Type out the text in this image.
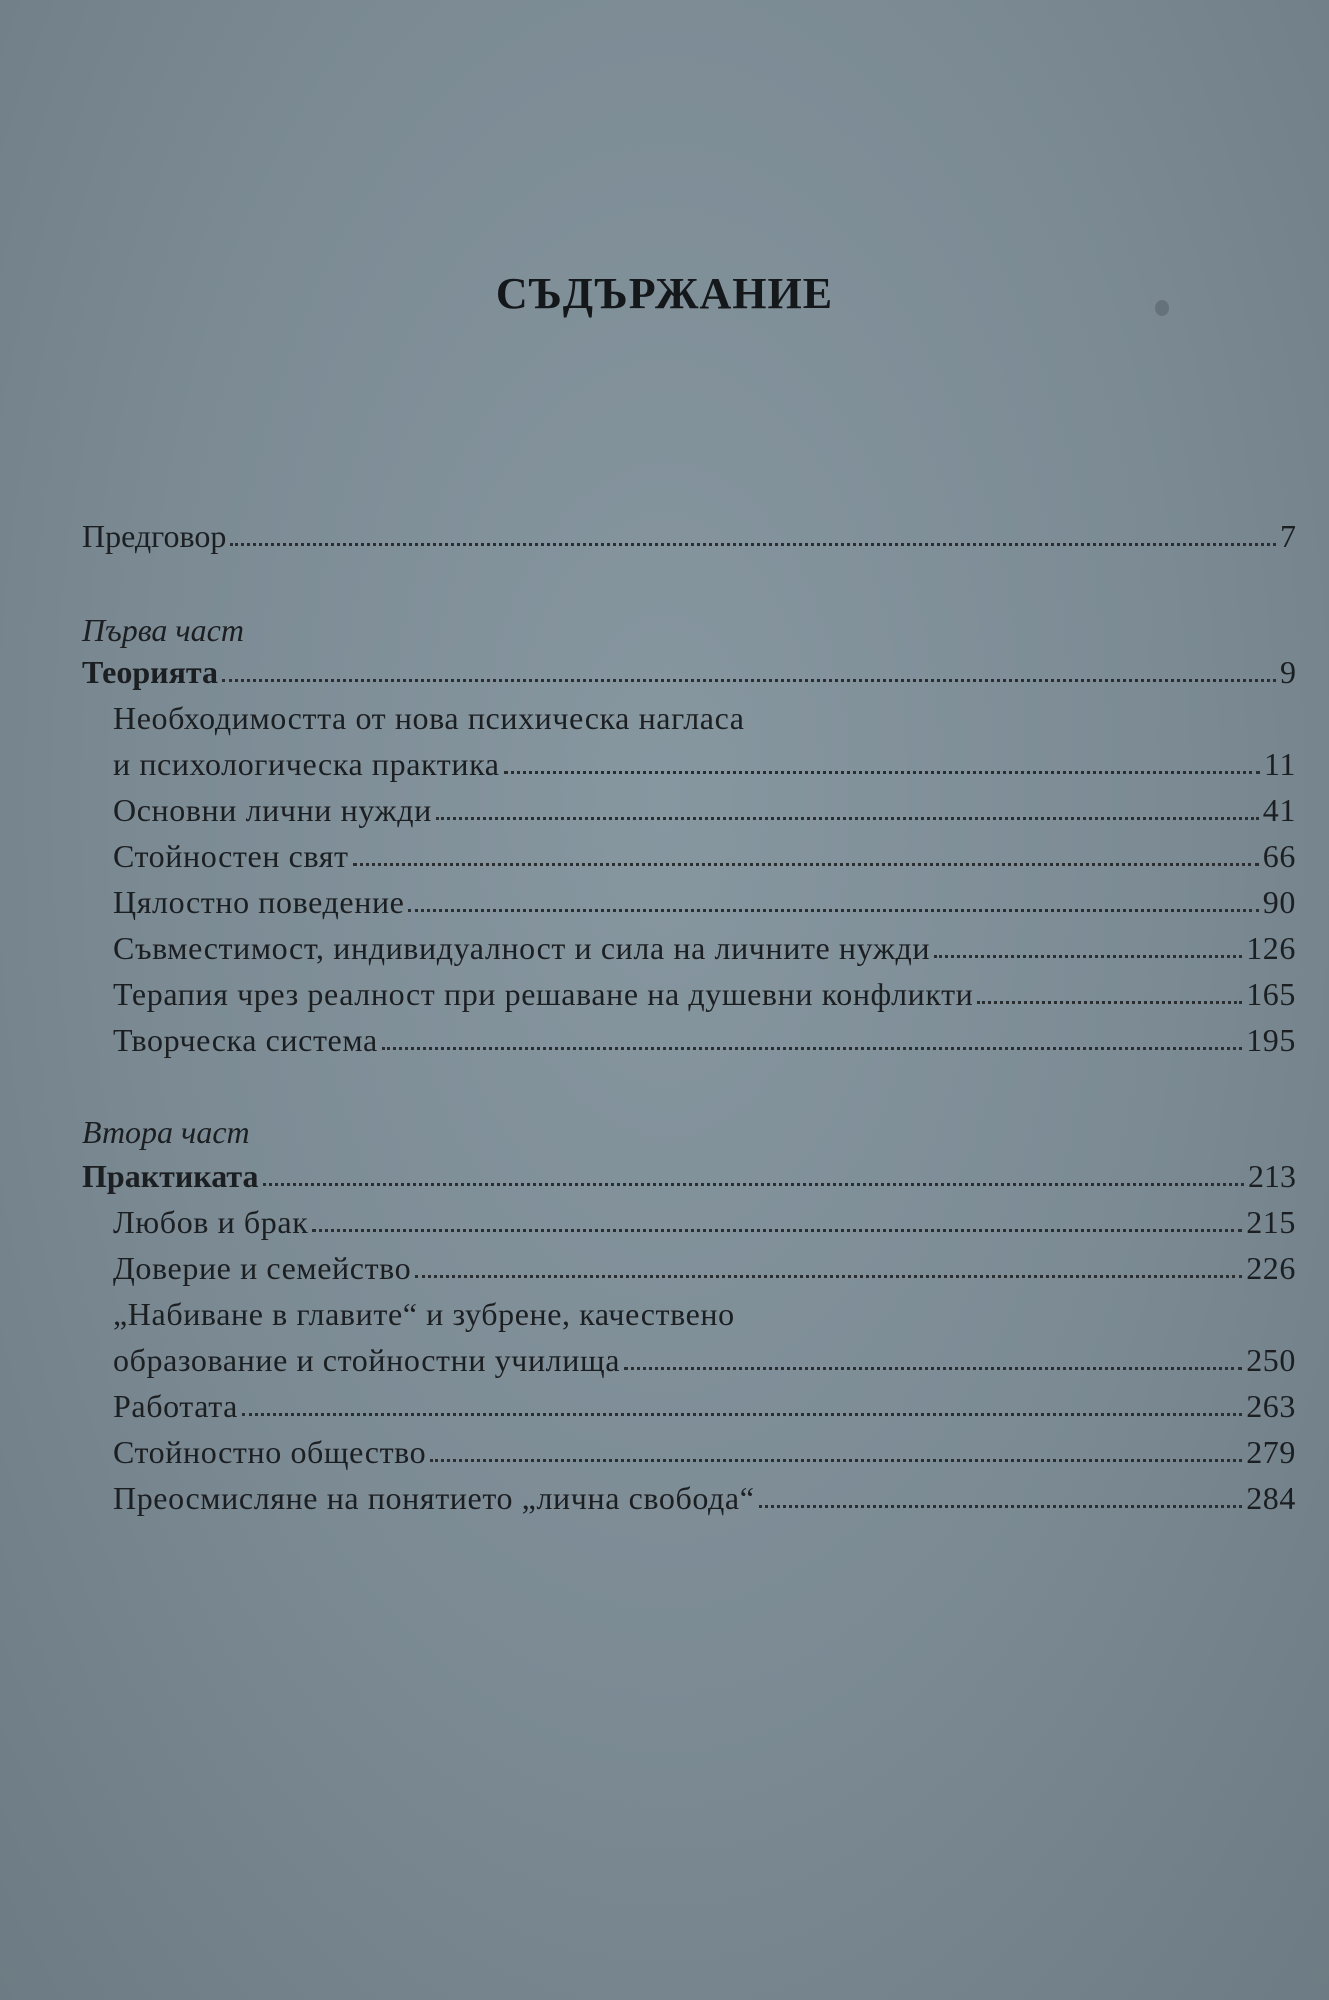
СЪДЪРЖАНИЕ
Предговор	7
Първа част
Теорията	9
Необходимостта от нова психическа нагласа
и психологическа практика	11
Основни лични нужди	41
Стойностен свят	66
Цялостно поведение	90
Съвместимост, индивидуалност и сила на личните нужди	126
Терапия чрез реалност при решаване на душевни конфликти	165
Творческа система	195
Втора част
Практиката	213
Любов и брак	215
Доверие и семейство	226
„Набиване в главите“ и зубрене, качествено
образование и стойностни училища	250
Работата	263
Стойностно общество	279
Преосмисляне на понятието „лична свобода“	284
